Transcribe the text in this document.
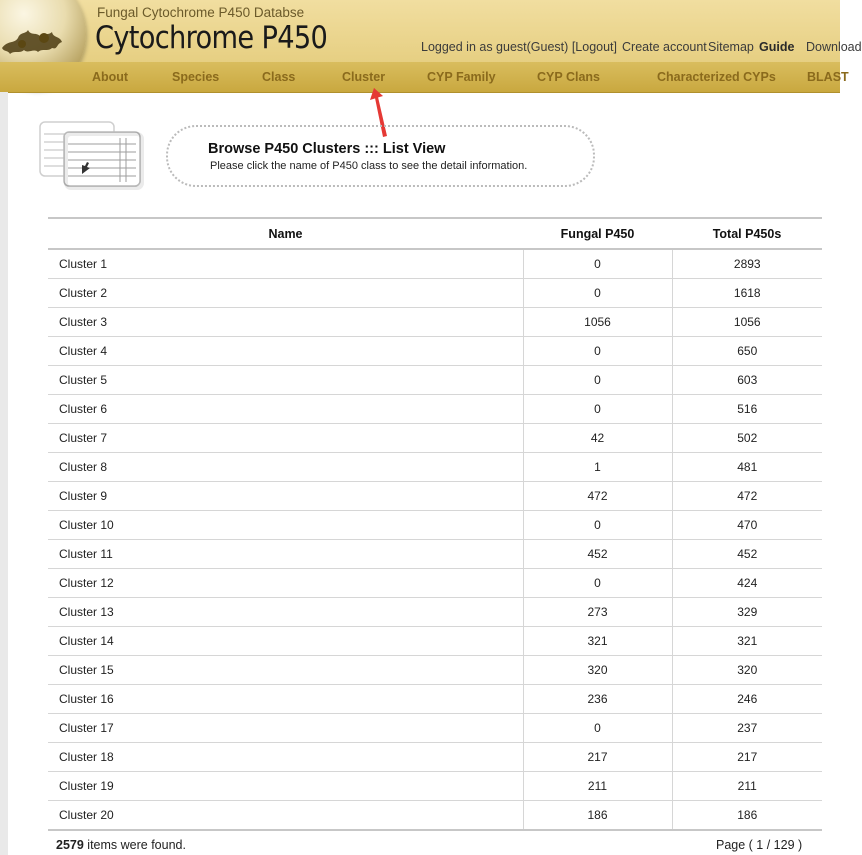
Fungal Cytochrome P450 Databse
Cytochrome P450	Logged in as guest(Guest) [Logout] Create account Sitemap Guide Download
About	Species	Class	Cluster	CYP Family	CYP Clans	Characterized CYPs BLAST
Browse P450 Clusters ::: List View

Please click the name of P450 class to see the detail information.

Name	Fungal P450	Total P450s
Cluster 1	0	2893
Cluster 2	0	1618
Cluster 3	1056	1056
Cluster 4	0	650
Cluster 5	0	603
Cluster 6	0	516
Cluster 7	42	502
Cluster 8	1	481
Cluster 9	472	472
Cluster 10	0	470
Cluster 11	452	452
Cluster 12	0	424
Cluster 13	273	329
Cluster 14	321	321
Cluster 15	320	320
Cluster 16	236	246
Cluster 17	0	237
Cluster 18	217	217
Cluster 19	211	211
Cluster 20	186	186
2579 items were found.	Page ( 1 / 129 )
